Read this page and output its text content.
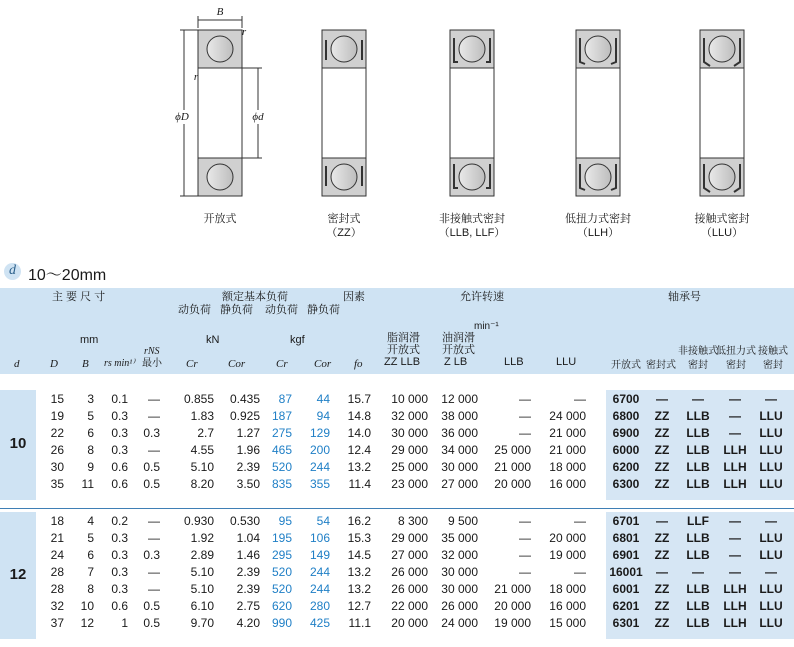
B
r
r
ϕD	ϕd
开放式	密封式
（ZZ）
非接触式密封
（LLB, LLF）
低扭力式密封
（LLH）
接触式密封
（LLU）
d 10～20mm
主 要 尺 寸	额定基本负荷
动负荷 静负荷 动负荷 静负荷
因素	允许转速	轴承号
mm	kN	kgf
min⁻¹
脂润滑 油润滑
开放式 开放式
ZZ LLB Z LB	LLB	LLU
d	D B rs min¹⁾
rNS
最小 Cr	Cor	Cr Cor fo	开放式 密封式
非接触式
密封
低扭力式
密封
接触式
密封
10
15	3	0.1	—	0.855	0.435	87	44	15.7	10 000	12 000	—	—	6700	—	—	—	—
19	5	0.3	—	1.83	0.925 187	94	14.8	32 000	38 000	—	24 000	6800	ZZ	LLB	—	LLU
22	6	0.3	0.3	2.7	1.27 275	129	14.0	30 000	36 000	—	21 000	6900	ZZ	LLB	—	LLU
26	8	0.3	—	4.55	1.96 465	200	12.4	29 000	34 000	25 000	21 000	6000	ZZ	LLB	LLH	LLU
30	9	0.6	0.5	5.10	2.39 520	244	13.2	25 000	30 000	21 000	18 000	6200	ZZ	LLB	LLH	LLU
35	11	0.6	0.5	8.20	3.50 835	355	11.4	23 000	27 000	20 000	16 000	6300	ZZ	LLB	LLH	LLU
12
18	4	0.2	—	0.930	0.530	95	54	16.2	8 300	9 500	—	—	6701	—	LLF	—	—
21	5	0.3	—	1.92	1.04 195	106	15.3	29 000	35 000	—	20 000	6801	ZZ	LLB	—	LLU
24	6	0.3	0.3	2.89	1.46 295	149	14.5	27 000	32 000	—	19 000	6901	ZZ	LLB	—	LLU
28	7	0.3	—	5.10	2.39 520	244	13.2	26 000	30 000	—	— 16001	—	—	—	—
28	8	0.3	—	5.10	2.39 520	244	13.2	26 000	30 000	21 000	18 000	6001	ZZ	LLB	LLH	LLU
32	10	0.6	0.5	6.10	2.75 620	280	12.7	22 000	26 000	20 000	16 000	6201	ZZ	LLB	LLH	LLU
37	12	1	0.5	9.70	4.20 990	425	11.1	20 000	24 000	19 000	15 000	6301	ZZ	LLB	LLH	LLU
